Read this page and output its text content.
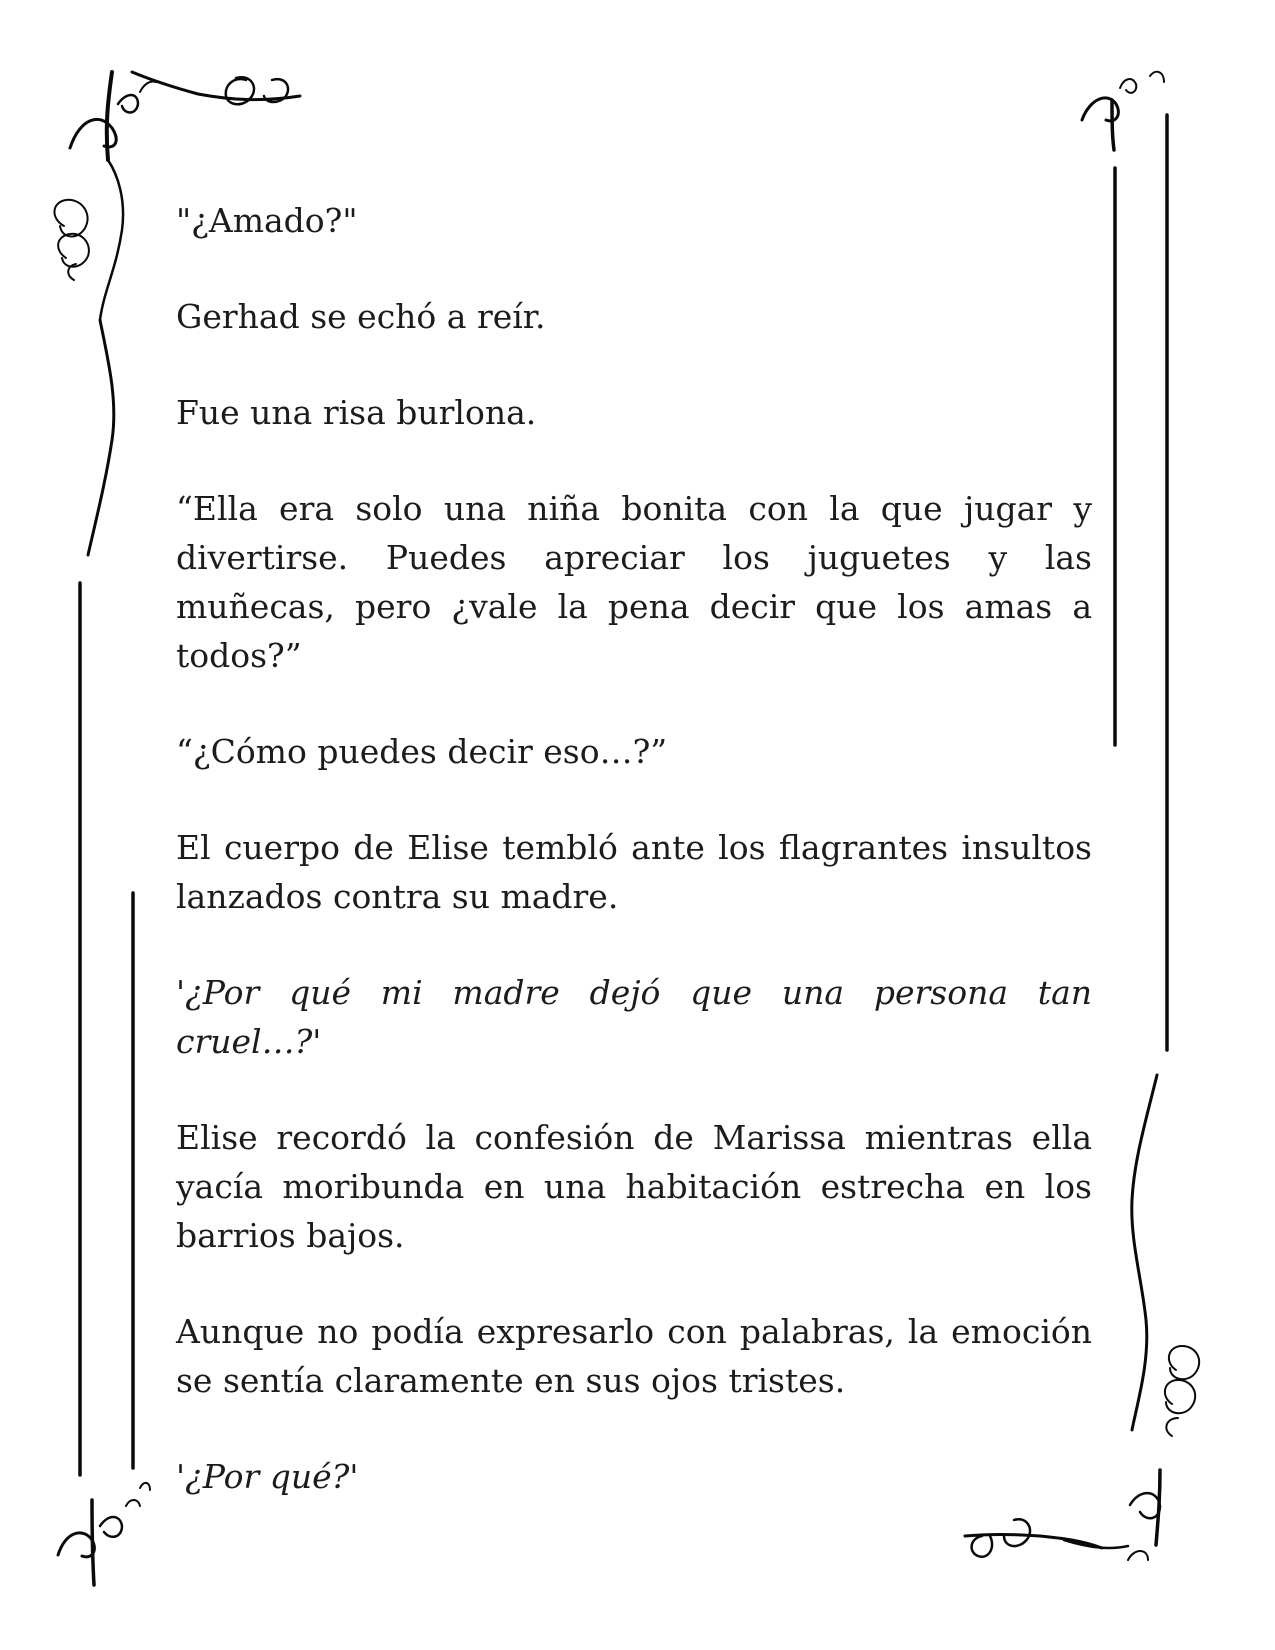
"¿Amado?"

Gerhad se echó a reír.

Fue una risa burlona.

“Ella era solo una niña bonita con la que jugar y divertirse. Puedes apreciar los juguetes y las muñecas, pero ¿vale la pena decir que los amas a todos?”

“¿Cómo puedes decir eso…?”

El cuerpo de Elise tembló ante los flagrantes insultos lanzados contra su madre.

'¿Por qué mi madre dejó que una persona tan cruel…?'

Elise recordó la confesión de Marissa mientras ella yacía moribunda en una habitación estrecha en los barrios bajos.

Aunque no podía expresarlo con palabras, la emoción se sentía claramente en sus ojos tristes.

'¿Por qué?'
